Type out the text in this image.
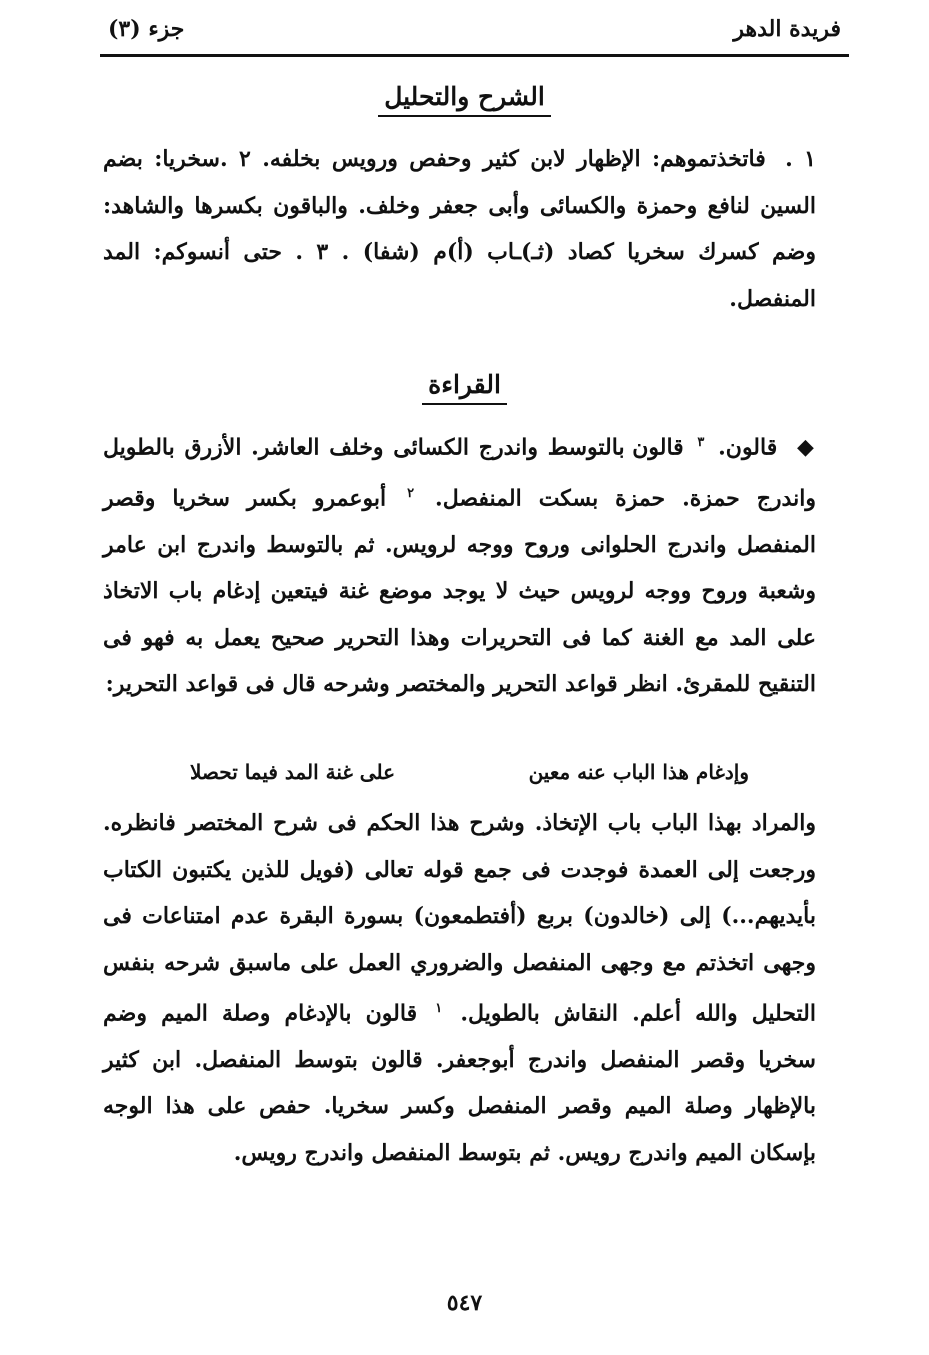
فريدة الدهر
جزء (٣)
الشرح والتحليل
١ . فاتخذتموهم: الإظهار لابن كثير وحفص ورويس بخلفه. ٢ .سخريا: بضم السين لنافع وحمزة والكسائى وأبى جعفر وخلف. والباقون بكسرها والشاهد: وضم كسرك سخريا كصاد (ثـ)ـاب (أ)م (شفا) . ٣ . حتى أنسوكم: المد المنفصل.
القراءة
◆ قالون. $^٣$ قالون بالتوسط واندرج الكسائى وخلف العاشر. الأزرق بالطويل واندرج حمزة. حمزة بسكت المنفصل. $^٢$ أبوعمرو بكسر سخريا وقصر المنفصل واندرج الحلوانى وروح ووجه لرويس. ثم بالتوسط واندرج ابن عامر وشعبة وروح ووجه لرويس حيث لا يوجد موضع غنة فيتعين إدغام باب الاتخاذ على المد مع الغنة كما فى التحريرات وهذا التحرير صحيح يعمل به فهو فى التنقيح للمقرئ. انظر قواعد التحرير والمختصر وشرحه قال فى قواعد التحرير:
وإدغام هذا الباب عنه معين
على غنة المد فيما تحصلا
والمراد بهذا الباب باب الإتخاذ. وشرح هذا الحكم فى شرح المختصر فانظره. ورجعت إلى العمدة فوجدت فى جمع قوله تعالى (فويل للذين يكتبون الكتاب بأيديهم...) إلى (خالدون) بربع (أفتطمعون) بسورة البقرة عدم امتناعات فى وجهى اتخذتم مع وجهى المنفصل والضروري العمل على ماسبق شرحه بنفس التحليل والله أعلم. النقاش بالطويل. $^١$ قالون بالإدغام وصلة الميم وضم سخريا وقصر المنفصل واندرج أبوجعفر. قالون بتوسط المنفصل. ابن كثير بالإظهار وصلة الميم وقصر المنفصل وكسر سخريا. حفص على هذا الوجه بإسكان الميم واندرج رويس. ثم بتوسط المنفصل واندرج رويس.
٥٤٧
